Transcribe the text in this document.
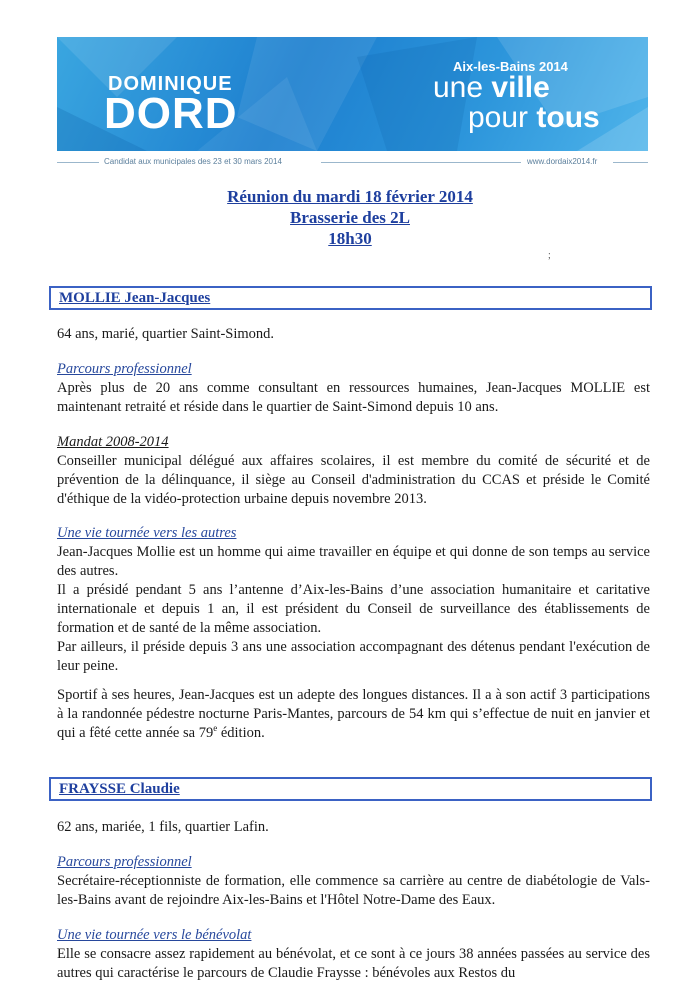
DOMINIQUE
DORD
Aix-les-Bains 2014
une ville
pour tous
Candidat aux municipales des 23 et 30 mars 2014	www.dordaix2014.fr
Réunion du mardi 18 février 2014
Brasserie des 2L
18h30
;
MOLLIE Jean-Jacques

64 ans, marié, quartier Saint-Simond.

Parcours professionnel

Après plus de 20 ans comme consultant en ressources humaines, Jean-Jacques MOLLIE est maintenant retraité et réside dans le quartier de Saint-Simond depuis 10 ans.

Mandat 2008-2014

Conseiller municipal délégué aux affaires scolaires, il est membre du comité de sécurité et de prévention de la délinquance, il siège au Conseil d'administration du CCAS et préside le Comité d'éthique de la vidéo-protection urbaine depuis novembre 2013.

Une vie tournée vers les autres

Jean-Jacques Mollie est un homme qui aime travailler en équipe et qui donne de son temps au service des autres.

Il a présidé pendant 5 ans l’antenne d’Aix-les-Bains d’une association humanitaire et caritative internationale et depuis 1 an, il est président du Conseil de surveillance des établissements de formation et de santé de la même association.

Par ailleurs, il préside depuis 3 ans une association accompagnant des détenus pendant l'exécution de leur peine.

Sportif à ses heures, Jean-Jacques est un adepte des longues distances. Il a à son actif 3 participations à la randonnée pédestre nocturne Paris-Mantes, parcours de 54 km qui s’effectue de nuit en janvier et qui a fêté cette année sa 79e édition.

FRAYSSE Claudie

62 ans, mariée, 1 fils, quartier Lafin.

Parcours professionnel

Secrétaire-réceptionniste de formation, elle commence sa carrière au centre de diabétologie de Vals-les-Bains avant de rejoindre Aix-les-Bains et l'Hôtel Notre-Dame des Eaux.

Une vie tournée vers le bénévolat

Elle se consacre assez rapidement au bénévolat, et ce sont à ce jours 38 années passées au service des autres qui caractérise le parcours de Claudie Fraysse : bénévoles aux Restos du
